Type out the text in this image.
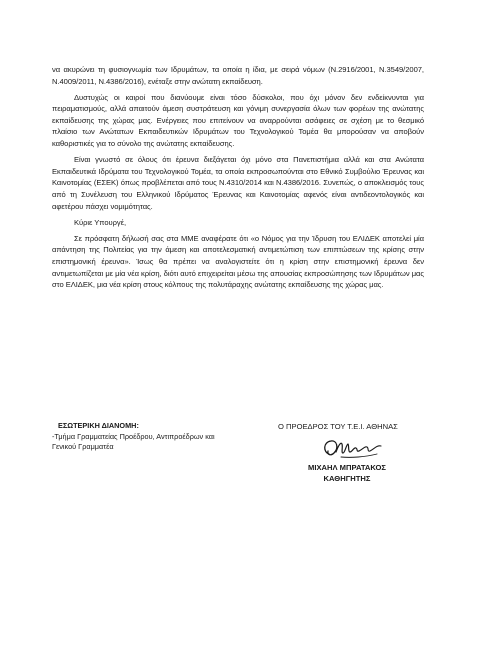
να ακυρώνει τη φυσιογνωμία των Ιδρυμάτων, τα οποία η ίδια, με σειρά νόμων (Ν.2916/2001, Ν.3549/2007, Ν.4009/2011, Ν.4386/2016), ενέταξε στην ανώτατη εκπαίδευση.

Δυστυχώς οι καιροί που διανύουμε είναι τόσο δύσκολοι, που όχι μόνον δεν ενδείκνυνται για πειραματισμούς, αλλά απαιτούν άμεση συστράτευση και γόνιμη συνεργασία όλων των φορέων της ανώτατης εκπαίδευσης της χώρας μας. Ενέργειες που επιτείνουν να αναρρούνται ασάφειες σε σχέση με το θεσμικό πλαίσιο των Ανώτατων Εκπαιδευτικών Ιδρυμάτων του Τεχνολογικού Τομέα θα μπορούσαν να αποβούν καθοριστικές για το σύνολο της ανώτατης εκπαίδευσης.

Είναι γνωστό σε όλους ότι έρευνα διεξάγεται όχι μόνο στα Πανεπιστήμια αλλά και στα Ανώτατα Εκπαιδευτικά Ιδρύματα του Τεχνολογικού Τομέα, τα οποία εκπροσωπούνται στο Εθνικό Συμβούλιο Έρευνας και Καινοτομίας (ΕΣΕΚ) όπως προβλέπεται από τους Ν.4310/2014 και Ν.4386/2016. Συνεπώς, ο αποκλεισμός τους από τη Συνέλευση του Ελληνικού Ιδρύματος Έρευνας και Καινοτομίας αφενός είναι αντιδεοντολογικός και αφετέρου πάσχει νομιμότητας.

Κύριε Υπουργέ,

Σε πρόσφατη δήλωσή σας στα ΜΜΕ αναφέρατε ότι «ο Νόμος για την Ίδρυση του ΕΛΙΔΕΚ αποτελεί μία απάντηση της Πολιτείας για την άμεση και αποτελεσματική αντιμετώπιση των επιπτώσεων της κρίσης στην επιστημονική έρευνα». Ίσως θα πρέπει να αναλογιστείτε ότι η κρίση στην επιστημονική έρευνα δεν αντιμετωπίζεται με μία νέα κρίση, διότι αυτό επιχειρείται μέσω της απουσίας εκπροσώπησης των Ιδρυμάτων μας στο ΕΛΙΔΕΚ, μια νέα κρίση στους κόλπους της πολυτάραχης ανώτατης εκπαίδευσης της χώρας μας.

ΕΣΩΤΕΡΙΚΗ ΔΙΑΝΟΜΗ:
-Τμήμα Γραμματείας Προέδρου, Αντιπροέδρων και
Γενικού Γραμματέα
Ο ΠΡΟΕΔΡΟΣ ΤΟΥ Τ.Ε.Ι. ΑΘΗΝΑΣ
ΜΙΧΑΗΛ ΜΠΡΑΤΑΚΟΣ
ΚΑΘΗΓΗΤΗΣ
